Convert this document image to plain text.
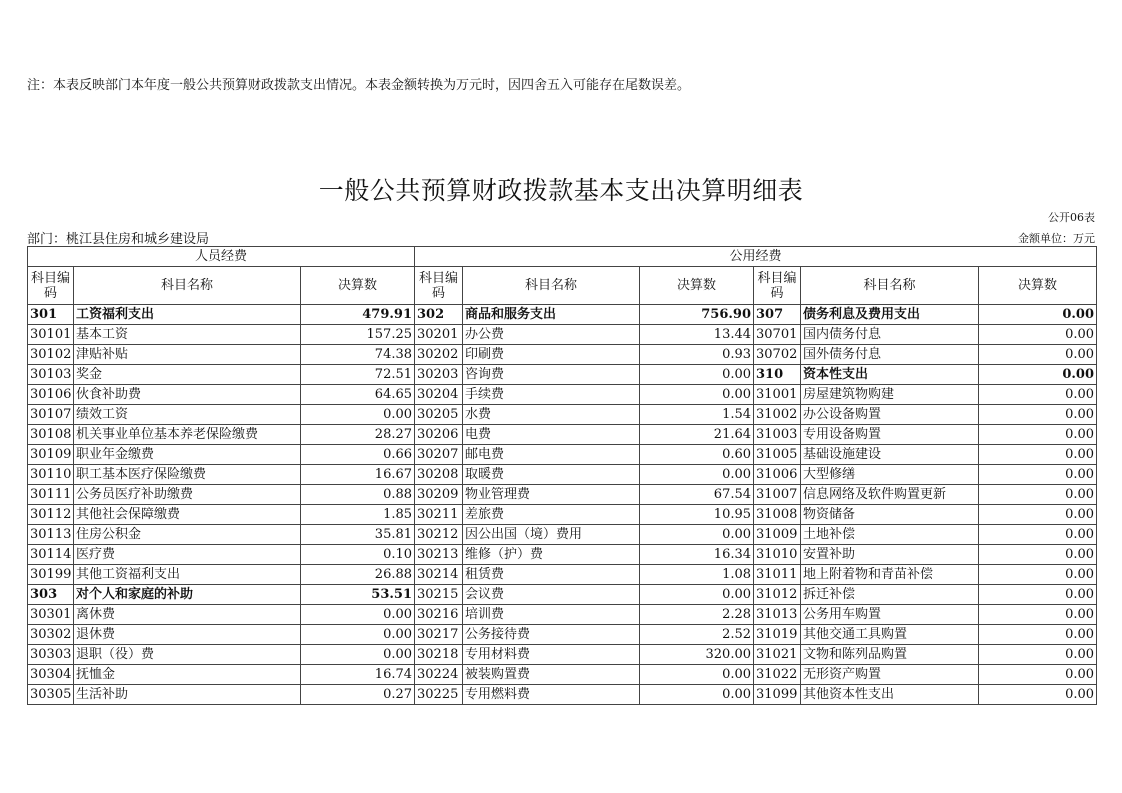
注：本表反映部门本年度一般公共预算财政拨款支出情况。本表金额转换为万元时，因四舍五入可能存在尾数误差。
一般公共预算财政拨款基本支出决算明细表
公开06表
部门：桃江县住房和城乡建设局	金额单位：万元
人员经费			公用经费					
科目编码	科目名称	决算数	科目编码	科目名称	决算数	科目编码	科目名称	决算数
301	工资福利支出	479.91	302	商品和服务支出	756.90	307	债务利息及费用支出	0.00
30101	基本工资	157.25	30201	办公费	13.44	30701	国内债务付息	0.00
30102	津贴补贴	74.38	30202	印刷费	0.93	30702	国外债务付息	0.00
30103	奖金	72.51	30203	咨询费	0.00	310	资本性支出	0.00
30106	伙食补助费	64.65	30204	手续费	0.00	31001	房屋建筑物购建	0.00
30107	绩效工资	0.00	30205	水费	1.54	31002	办公设备购置	0.00
30108	机关事业单位基本养老保险缴费	28.27	30206	电费	21.64	31003	专用设备购置	0.00
30109	职业年金缴费	0.66	30207	邮电费	0.60	31005	基础设施建设	0.00
30110	职工基本医疗保险缴费	16.67	30208	取暖费	0.00	31006	大型修缮	0.00
30111	公务员医疗补助缴费	0.88	30209	物业管理费	67.54	31007	信息网络及软件购置更新	0.00
30112	其他社会保障缴费	1.85	30211	差旅费	10.95	31008	物资储备	0.00
30113	住房公积金	35.81	30212	因公出国（境）费用	0.00	31009	土地补偿	0.00
30114	医疗费	0.10	30213	维修（护）费	16.34	31010	安置补助	0.00
30199	其他工资福利支出	26.88	30214	租赁费	1.08	31011	地上附着物和青苗补偿	0.00
303	对个人和家庭的补助	53.51	30215	会议费	0.00	31012	拆迁补偿	0.00
30301	离休费	0.00	30216	培训费	2.28	31013	公务用车购置	0.00
30302	退休费	0.00	30217	公务接待费	2.52	31019	其他交通工具购置	0.00
30303	退职（役）费	0.00	30218	专用材料费	320.00	31021	文物和陈列品购置	0.00
30304	抚恤金	16.74	30224	被装购置费	0.00	31022	无形资产购置	0.00
30305	生活补助	0.27	30225	专用燃料费	0.00	31099	其他资本性支出	0.00
